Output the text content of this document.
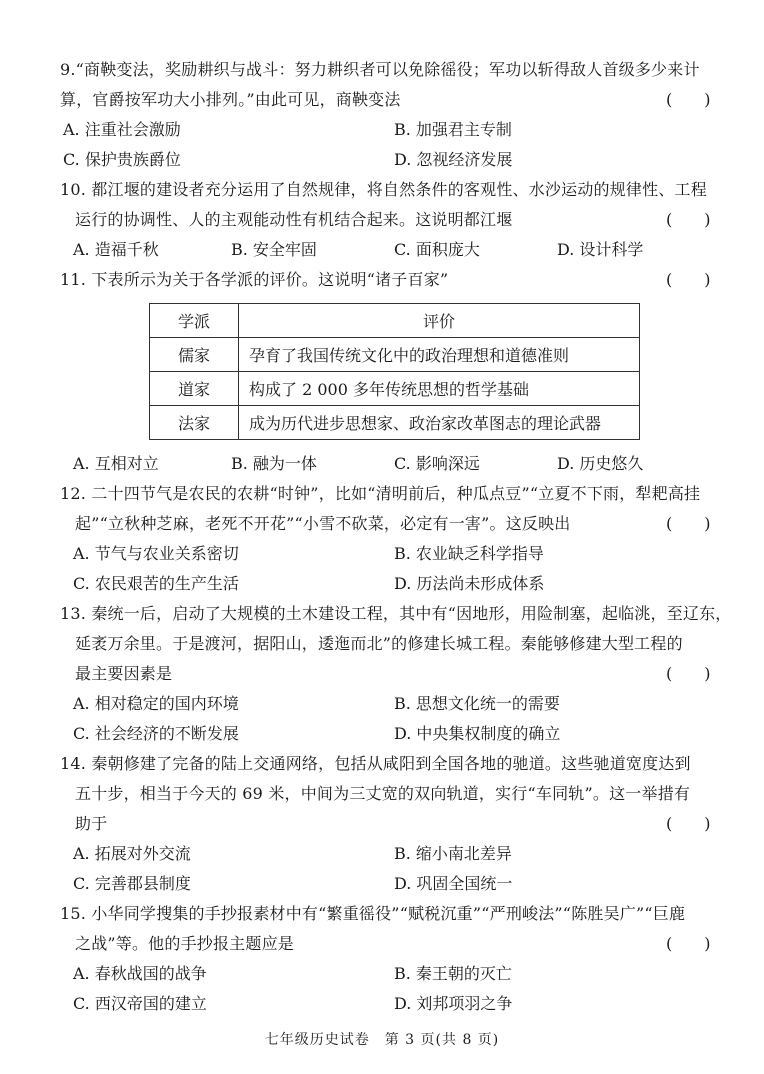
9.“商鞅变法，奖励耕织与战斗：努力耕织者可以免除徭役；军功以斩得敌人首级多少来计
算，官爵按军功大小排列。”由此可见，商鞅变法	(　　)
A. 注重社会激励	B. 加强君主专制
C. 保护贵族爵位	D. 忽视经济发展
10. 都江堰的建设者充分运用了自然规律，将自然条件的客观性、水沙运动的规律性、工程
运行的协调性、人的主观能动性有机结合起来。这说明都江堰	(　　)
A. 造福千秋	B. 安全牢固	C. 面积庞大	D. 设计科学
11. 下表所示为关于各学派的评价。这说明“诸子百家”	(　　)
学派	评价
儒家	孕育了我国传统文化中的政治理想和道德准则
道家	构成了 2 000 多年传统思想的哲学基础
法家	成为历代进步思想家、政治家改革图志的理论武器
A. 互相对立	B. 融为一体	C. 影响深远	D. 历史悠久
12. 二十四节气是农民的农耕“时钟”，比如“清明前后，种瓜点豆”“立夏不下雨，犁耙高挂
起”“立秋种芝麻，老死不开花”“小雪不砍菜，必定有一害”。这反映出	(　　)
A. 节气与农业关系密切	B. 农业缺乏科学指导
C. 农民艰苦的生产生活	D. 历法尚未形成体系
13. 秦统一后，启动了大规模的土木建设工程，其中有“因地形，用险制塞，起临洮，至辽东，
延袤万余里。于是渡河，据阳山，逶迤而北”的修建长城工程。秦能够修建大型工程的
最主要因素是	(　　)
A. 相对稳定的国内环境	B. 思想文化统一的需要
C. 社会经济的不断发展	D. 中央集权制度的确立
14. 秦朝修建了完备的陆上交通网络，包括从咸阳到全国各地的驰道。这些驰道宽度达到
五十步，相当于今天的 69 米，中间为三丈宽的双向轨道，实行“车同轨”。这一举措有
助于	(　　)
A. 拓展对外交流	B. 缩小南北差异
C. 完善郡县制度	D. 巩固全国统一
15. 小华同学搜集的手抄报素材中有“繁重徭役”“赋税沉重”“严刑峻法”“陈胜吴广”“巨鹿
之战”等。他的手抄报主题应是	(　　)
A. 春秋战国的战争	B. 秦王朝的灭亡
C. 西汉帝国的建立	D. 刘邦项羽之争
七年级历史试卷　第 3 页(共 8 页)
